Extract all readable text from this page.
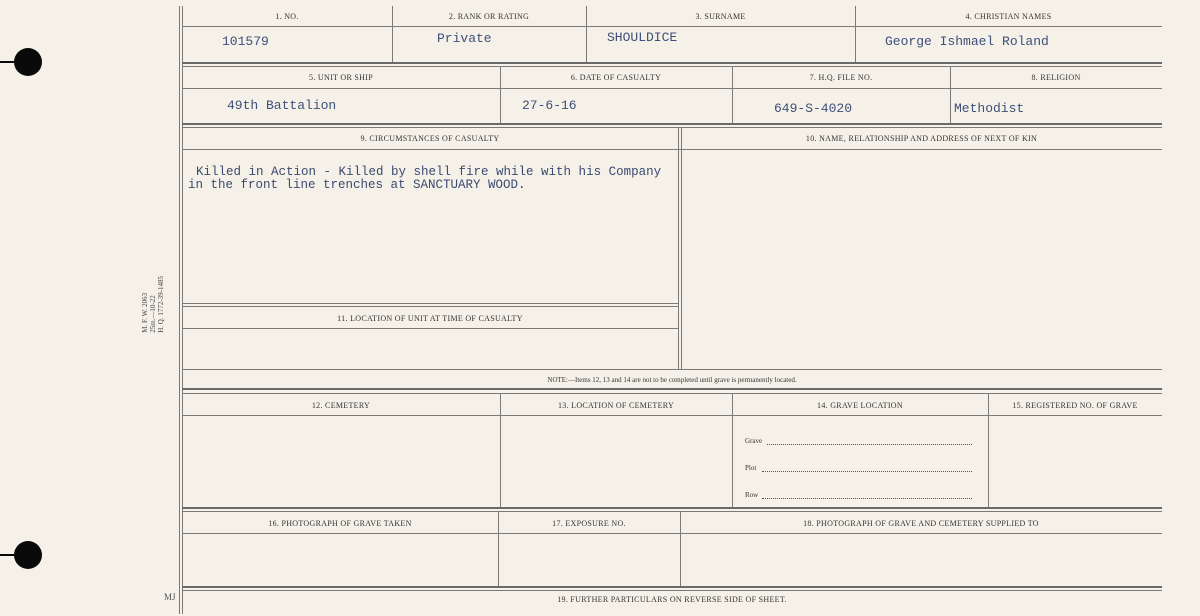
M. F. W. 2063 25m.—10-22 H. Q. 1772-39-1485
1. NO.	2. RANK OR RATING	3. SURNAME	4. CHRISTIAN NAMES
101579	Private	SHOULDICE	George Ishmael Roland
5. UNIT OR SHIP	6. DATE OF CASUALTY	7. H.Q. FILE NO.	8. RELIGION
49th Battalion	27-6-16	649-S-4020	Methodist
9. CIRCUMSTANCES OF CASUALTY	10. NAME, RELATIONSHIP AND ADDRESS OF NEXT OF KIN
Killed in Action - Killed by shell fire while with his Company
in the front line trenches at SANCTUARY WOOD.
11. LOCATION OF UNIT AT TIME OF CASUALTY
NOTE:—Items 12, 13 and 14 are not to be completed until grave is permanently located.
12. CEMETERY	13. LOCATION OF CEMETERY	14. GRAVE LOCATION	15. REGISTERED NO. OF GRAVE
Grave
Plot
Row
16. PHOTOGRAPH OF GRAVE TAKEN	17. EXPOSURE NO.	18. PHOTOGRAPH OF GRAVE AND CEMETERY SUPPLIED TO
19. FURTHER PARTICULARS ON REVERSE SIDE OF SHEET.
MJ
